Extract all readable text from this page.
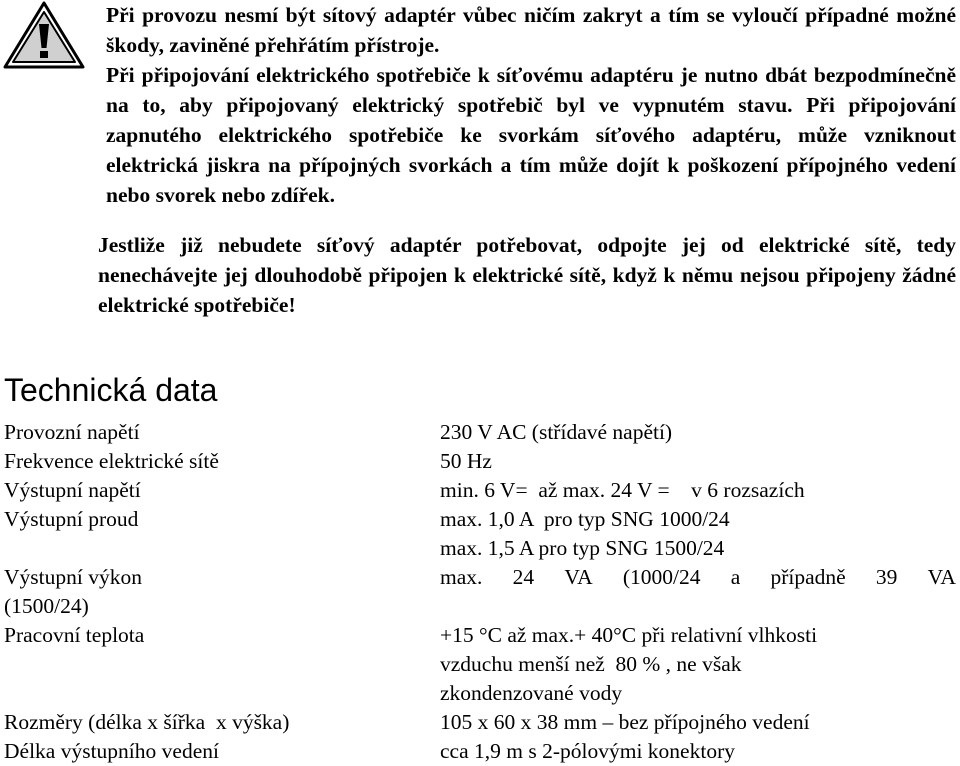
Při provozu nesmí být sítový adaptér vůbec ničím zakryt a tím se vyloučí případné možné škody, zaviněné přehřátím přístroje.

Při připojování elektrického spotřebiče k síťovému adaptéru je nutno dbát bezpodmínečně na to, aby připojovaný elektrický spotřebič byl ve vypnutém stavu. Při připojování zapnutého elektrického spotřebiče ke svorkám síťového adaptéru, může vzniknout elektrická jiskra na přípojných svorkách a tím může dojít k poškození přípojného vedení nebo svorek nebo zdířek.

Jestliže již nebudete síťový adaptér potřebovat, odpojte jej od elektrické sítě, tedy nenechávejte jej dlouhodobě připojen k elektrické sítě, když k němu nejsou připojeny žádné elektrické spotřebiče!
Technická data
Provozní napětí	230 V AC (střídavé napětí)
Frekvence elektrické sítě	50 Hz
Výstupní napětí	min. 6 V=  až max. 24 V =    v 6 rozsazích
Výstupní proud	max. 1,0 A  pro typ SNG 1000/24
max. 1,5 A pro typ SNG 1500/24
Výstupní výkon	max. 24 VA (1000/24 a případně 39 VA
(1500/24)
Pracovní teplota	+15 °C až max.+ 40°C při relativní vlhkosti
vzduchu menší než  80 % , ne však
zkondenzované vody
Rozměry (délka x šířka  x výška)	105 x 60 x 38 mm – bez přípojného vedení
Délka výstupního vedení	cca 1,9 m s 2-pólovými konektory
